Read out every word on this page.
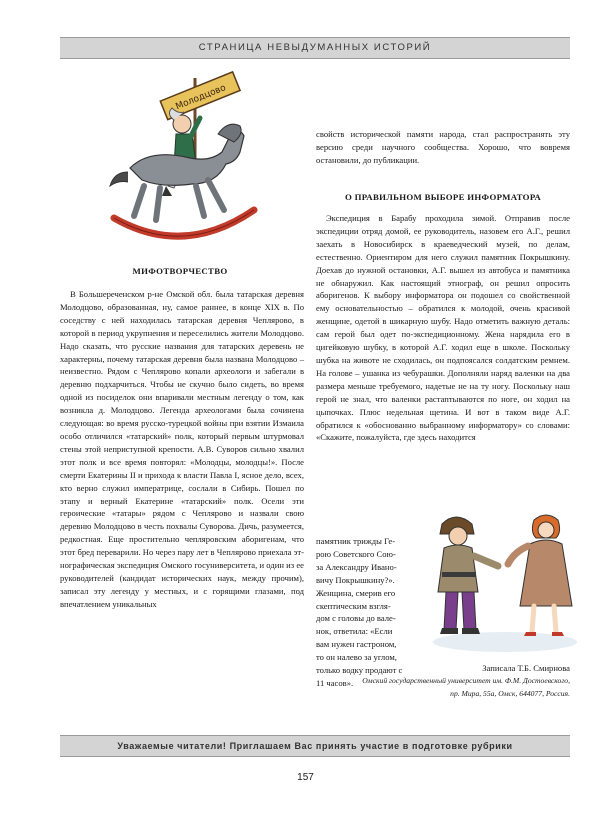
СТРАНИЦА НЕВЫДУМАННЫХ ИСТОРИЙ
Молодцово
МИФОТВОРЧЕСТВО

В Большереченском р-не Омской обл. была татарская деревня Молодцово, образованная, ну, самое раннее, в конце XIX в. По соседству с ней находилась татарская деревня Чеплярово, в которой в период укрупнения и переселились жители Молодцово. Надо сказать, что русские названия для татарских деревень не характерны, почему татарская деревня была названа Молодцово – неизвестно. Рядом с Чеплярово копали археологи и забегали в деревню подхарчиться. Чтобы не скучно было сидеть, во время одной из посиделок они впаривали местным легенду о том, как возникла д. Молодцово. Легенда археологами была сочинена следующая: во время русско-турецкой войны при взятии Измаила особо отличился «татарский» полк, который первым штурмовал стены этой неприступной крепости. А.В. Суворов сильно хвалил этот полк и все время повторял: «Молодцы, молодцы!». После смерти Екатерины II и прихода к власти Павла I, ясное дело, всех, кто верно служил императрице, сослали в Сибирь. Пошел по этапу и верный Екатерине «татарский» полк. Осели эти героические «татары» рядом с Чеплярово и назвали свою деревню Молодцово в честь похвалы Суворова. Дичь, разумеется, редкостная. Еще простительно чепляровским аборигенам, что этот бред переварили. Но через пару лет в Чеплярово приехала этнографическая экспедиция Омского госуниверситета, и один из ее руководителей (кандидат исторических наук, между прочим), записал эту легенду у местных, и с горящими глазами, под впечатлением уникальных

свойств исторической памяти народа, стал распространять эту версию среди научного сообщества. Хорошо, что вовремя остановили, до публикации.

О ПРАВИЛЬНОМ ВЫБОРЕ ИНФОРМАТОРА

Экспедиция в Барабу проходила зимой. Отправив после экспедиции отряд домой, ее руководитель, назовем его А.Г., решил заехать в Новосибирск в краеведческий музей, по делам, естественно. Ориентиром для него служил памятник Покрышкину. Доехав до нужной остановки, А.Г. вышел из автобуса и памятника не обнаружил. Как настоящий этнограф, он решил опросить аборигенов. К выбору информатора он подошел со свойственной ему основательностью – обратился к молодой, очень красивой женщине, одетой в шикарную шубу. Надо отметить важную деталь: сам герой был одет по-экспедиционному. Жена нарядила его в цигейковую шубку, в которой А.Г. ходил еще в школе. Поскольку шубка на животе не сходилась, он подпоясался солдатским ремнем. На голове – ушанка из чебурашки. Дополняли наряд валенки на два размера меньше требуемого, надетые не на ту ногу. Поскольку наш герой не знал, что валенки растаптываются по ноге, он ходил на цыпочках. Плюс недельная щетина. И вот в таком виде А.Г. обратился к «обоснованно выбранному информатору» со словами: «Скажите, пожалуйста, где здесь находится

памятник трижды Ге-
рою Советского Сою-
за Александру Ивано-
вичу Покрышкину?».
Женщина, смерив его
скептическим взгля-
дом с головы до вале-
нок, ответила: «Если
вам нужен гастроном,
то он налево за углом,
только водку продают с
11 часов».
Записала Т.Б. Смирнова
Омский государственный университет им. Ф.М. Достоевского,
пр. Мира, 55а, Омск, 644077, Россия.
Уважаемые читатели! Приглашаем Вас принять участие в подготовке рубрики
157
